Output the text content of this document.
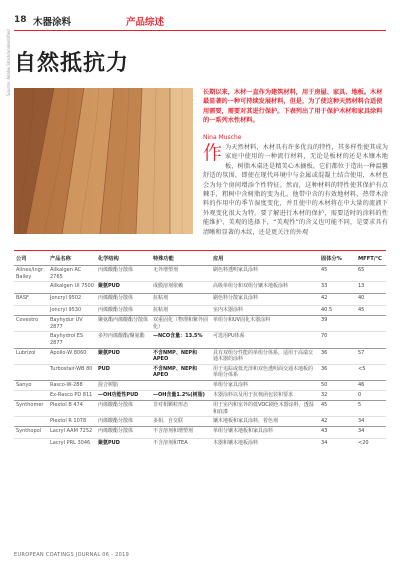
18 木器涂料	产品综述
自然抵抗力
Source: Adobe Stock/unidentified	长期以来，木材一直作为建筑材料，用于房屋、家具、地板。木材最显著的一种可持续发展材料，但是，为了使这种天然材料合适使用需要，需要对其进行保护。下表列出了用于保护木材和家具涂料的一系列水性材料。
Nina Musche
作 为天然材料，木材具有许多优良的特性，其多样性使其成为家庭中使用的一种流行材料，无论是板材的还是木镶木地板，树脂木桌还是精美心木摘板，它们都位于造出一种温馨舒适的氛围。即使在现代环境中与金属或混凝土结合使用，木材也会为每个房间增添个性特征。然而，这种材料的特性使其保护有点棘手，粗树中含树脂的变为扎。他带中含的有效地材料，热带木涂料的作用中的季节湿度变化，并且使中的木材将在中大量的流液下外观变化很大为特。要了解进行木材的保护，需要适时的涂料的性能维护，美观的选择下，“美观性”的含义也可能不同，是要求具有清晰和显著的木纹，还是更关注的外观

公司	产品名称	化学结构	特殊功能	应用	固体分%	MFFT/℃
Allnex/Ingr Bailey	Allkalgen AC 2765	丙烯酸酯分散体	无外增塑剂	刷色料透明家具涂料	45	65
	Allkalgen UI 7500	聚氨PUD	成膜溶剂依赖	高级单组分和双组分镶木地板涂料	33	13
BASF	Joncryl 9502	丙烯酸酯分散体	抗粘剂	刷色料分散家具涂料	42	40
	Joncryl 9530	丙烯酸酯分散体	抗粘剂	室内木器涂料	40.5	45
Covestro	Bayhydur UV 2877	聚氨酯丙烯酸酯分散体	双重固化（物理和紫外固化）	单组分和UV固化木器涂料	39	
	Bayhydrol ES 2877	多羟丙烯酸酯/聚氨酯	—NCO含量：13.5%	可选用PU体系	70	
Lubrizol	Apollo-W 8060	聚氨PUD	不含NMP、NEP和APEO	具有双组分性能的单组分体系，适用于高端交通木器的涂料	36	57
	Turbostair-WB 80	PUD	不含NMP、NEP和APEO	用于追踪或低光泽和双色透明面交通木地板的单组分体系	36	<5
Sanyo	Rasco-W-288	混合树脂		单组分家具涂料	50	46
	Ex-Rasco PD 811	—OH功能性PUD	—OH含量1.2%(树脂)	木器涂料以及用于抗核函包装和要求	32	0
Synthomer	Plextol B 474	丙烯酸酯分散体	非对相颗粒形态	用于室内和室外的低VOC刷色木器涂料，透湿和底漆	45	5
	Plextol R 1078	丙烯酸酯分散体	多相，自交联	镶木地板和家具涂料，着色剂	42	34
Synthopol	Lacryl AAM 7252	丙烯酸酯分散体	不含溶剂和增塑剂	单组分镶木地板和家具涂料	43	34
	Lacryl PRL 3046	聚氨PUD	不含溶剂和TEA	木器和镶木地板涂料	34	<20
EUROPEAN COATINGS JOURNAL 06 - 2019
